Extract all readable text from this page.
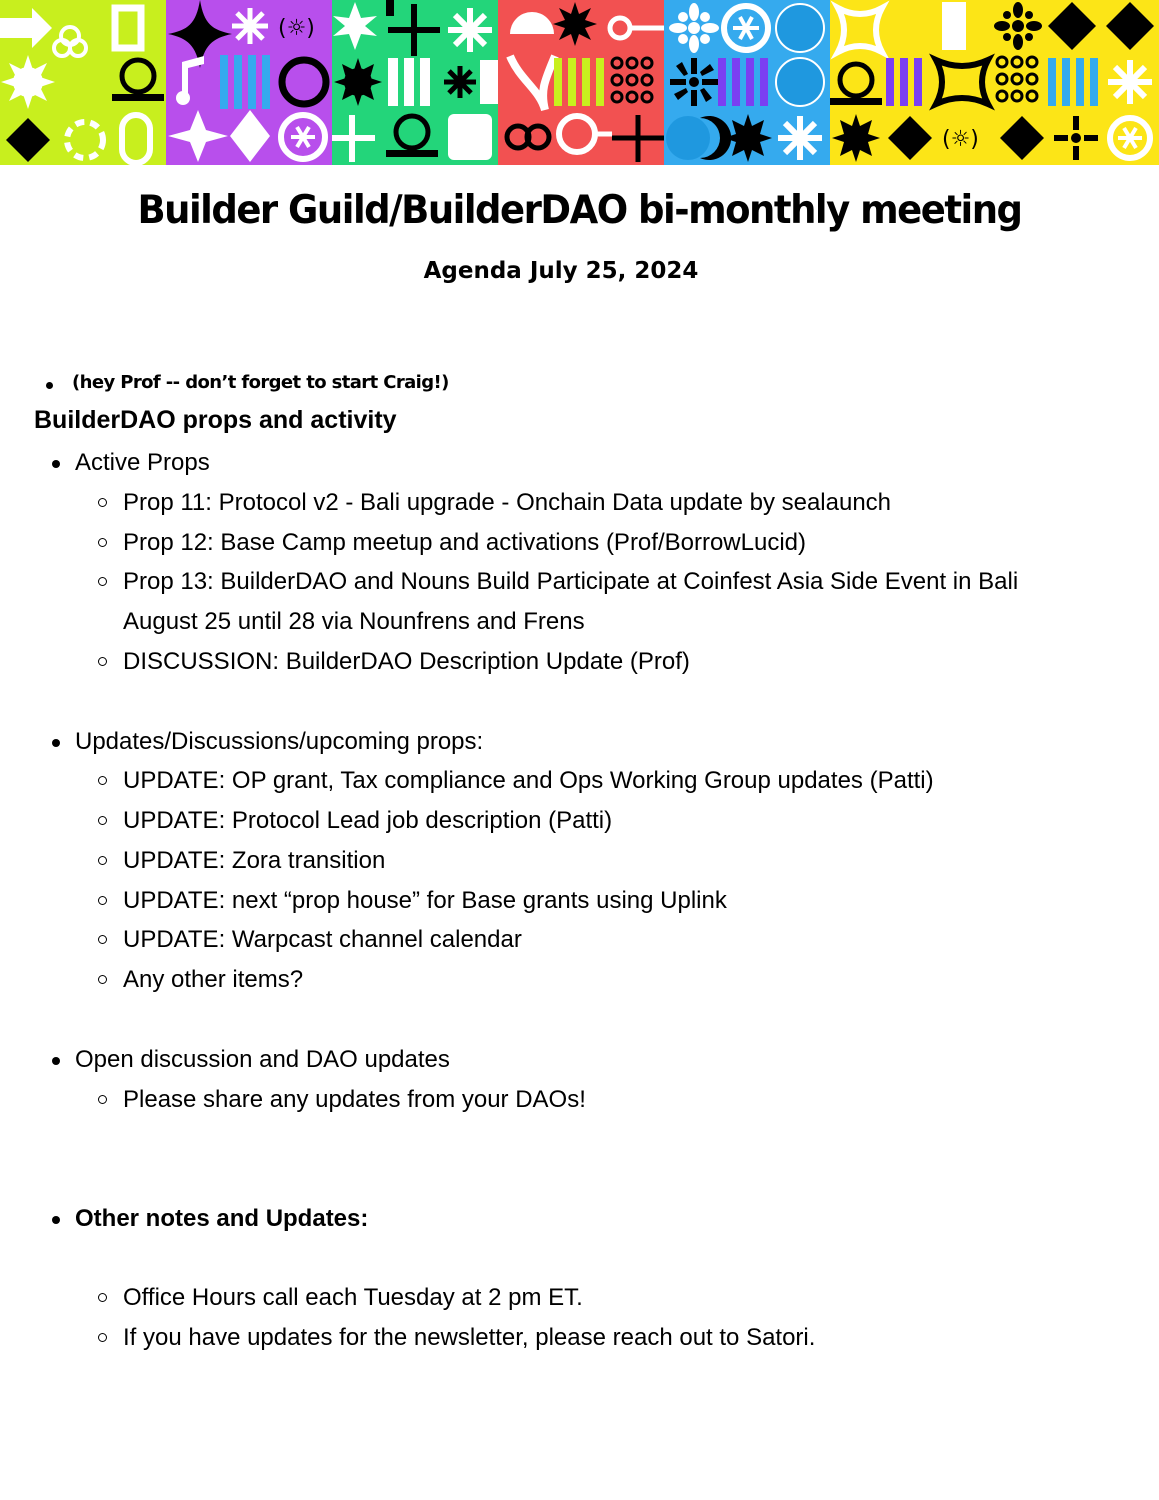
(☼)
(☼)
Builder Guild/BuilderDAO bi-monthly meeting
Agenda July 25, 2024
(hey Prof -- don’t forget to start Craig!)
BuilderDAO props and activity
Active Props
Prop 11: Protocol v2 - Bali upgrade - Onchain Data update by sealaunch
Prop 12: Base Camp meetup and activations (Prof/BorrowLucid)
Prop 13: BuilderDAO and Nouns Build Participate at Coinfest Asia Side Event in Bali
August 25 until 28 via Nounfrens and Frens
DISCUSSION: BuilderDAO Description Update (Prof)
Updates/Discussions/upcoming props:
UPDATE: OP grant, Tax compliance and Ops Working Group updates (Patti)
UPDATE: Protocol Lead job description (Patti)
UPDATE: Zora transition
UPDATE: next “prop house” for Base grants using Uplink
UPDATE: Warpcast channel calendar
Any other items?
Open discussion and DAO updates
Please share any updates from your DAOs!
Other notes and Updates:
Office Hours call each Tuesday at 2 pm ET.
If you have updates for the newsletter, please reach out to Satori.
